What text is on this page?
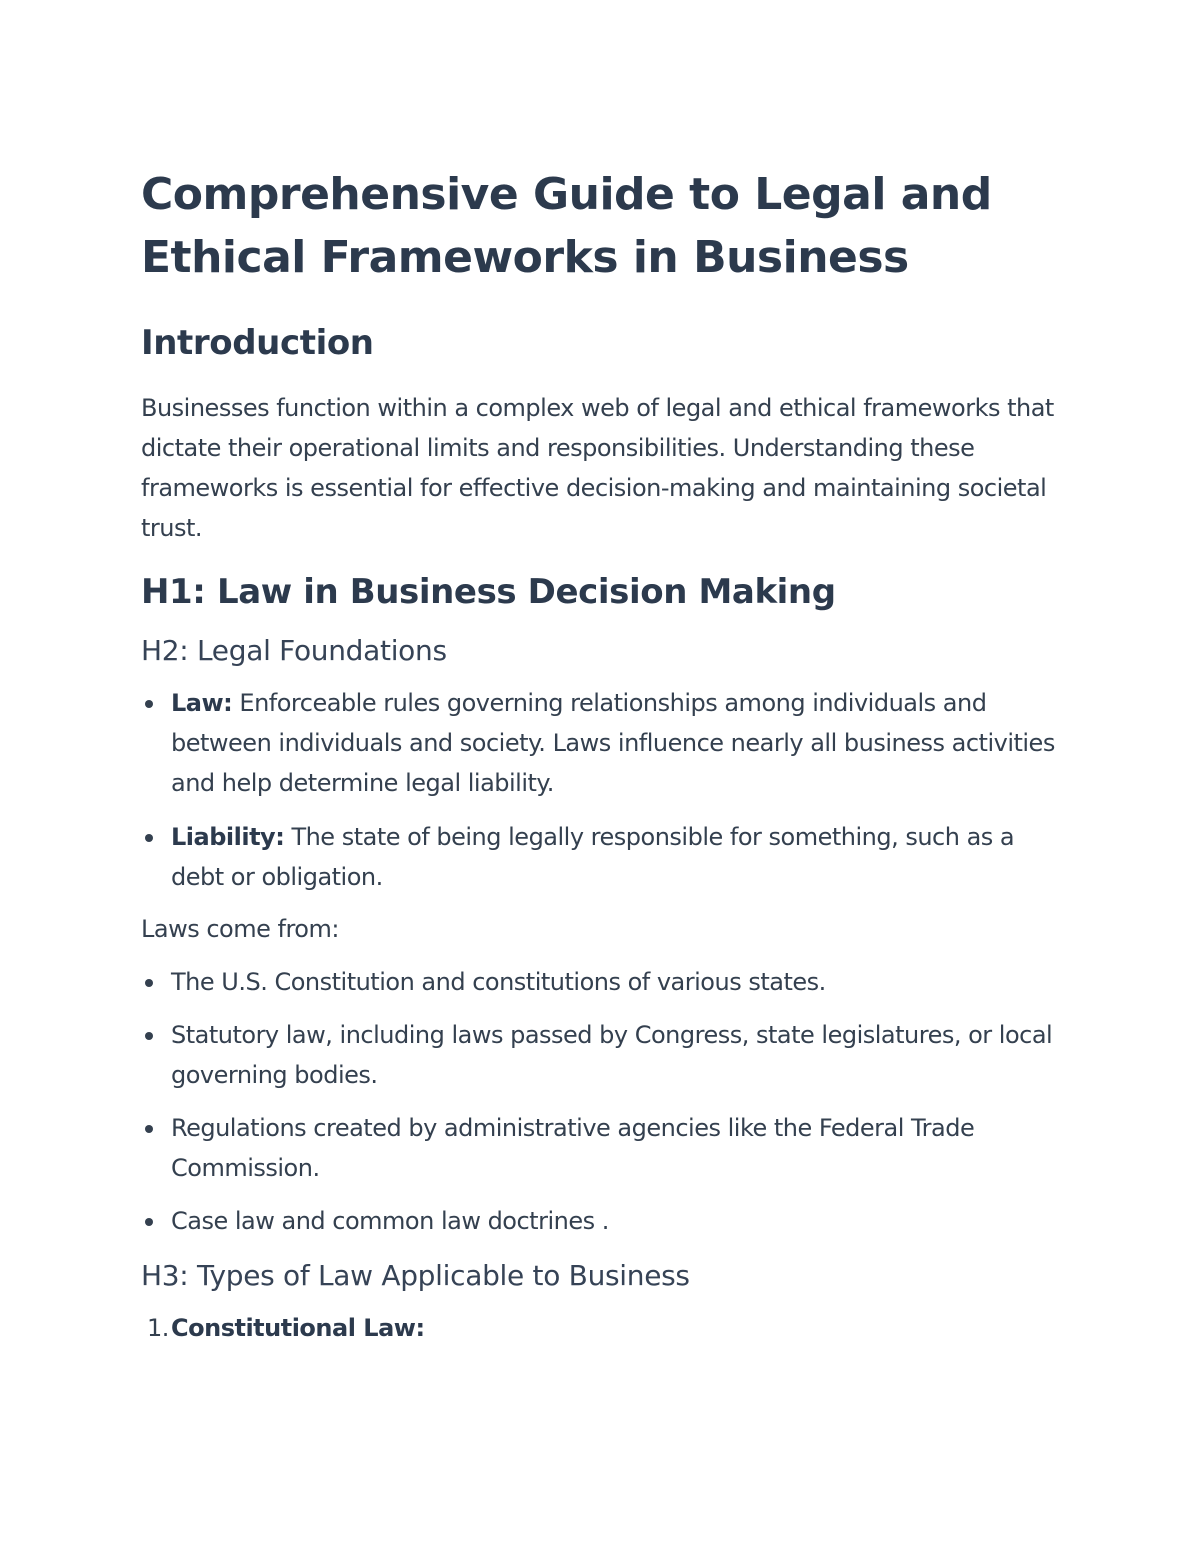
Comprehensive Guide to Legal and Ethical Frameworks in Business
Introduction

Businesses function within a complex web of legal and ethical frameworks that dictate their operational limits and responsibilities. Understanding these frameworks is essential for effective decision-making and maintaining societal trust.

H1: Law in Business Decision Making
H2: Legal Foundations
Law: Enforceable rules governing relationships among individuals and between individuals and society. Laws influence nearly all business activities and help determine legal liability.
Liability: The state of being legally responsible for something, such as a debt or obligation.

Laws come from:

The U.S. Constitution and constitutions of various states.
Statutory law, including laws passed by Congress, state legislatures, or local governing bodies.
Regulations created by administrative agencies like the Federal Trade Commission.
Case law and common law doctrines .
H3: Types of Law Applicable to Business
1. Constitutional Law:
